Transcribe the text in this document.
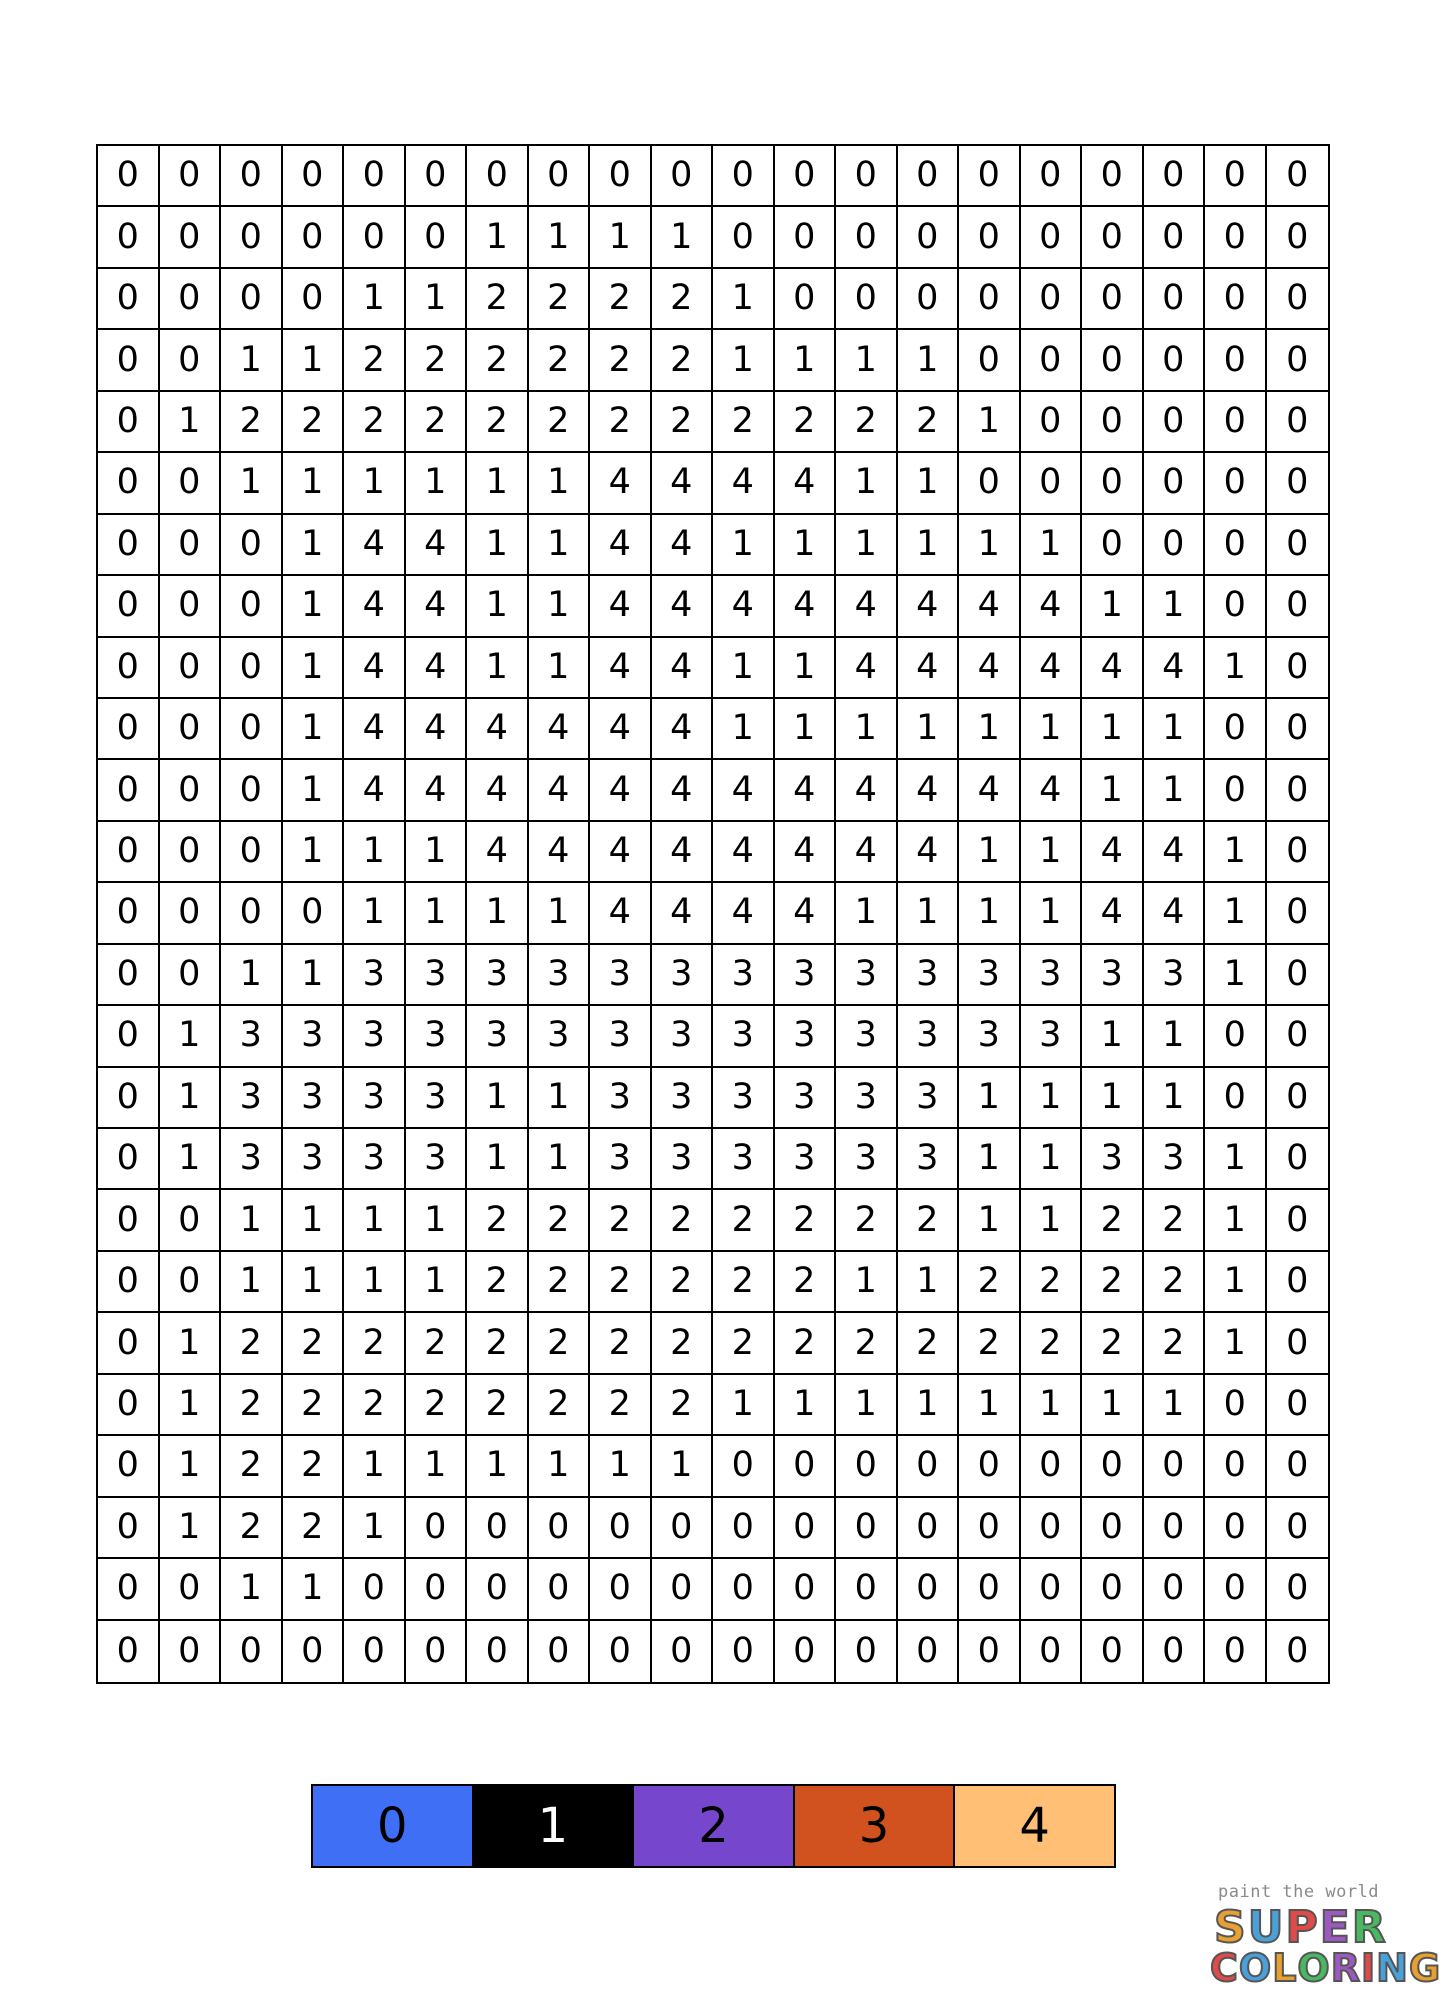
0	0	0	0	0	0	0	0	0	0	0	0	0	0	0	0	0	0	0	0
0	0	0	0	0	0	1	1	1	1	0	0	0	0	0	0	0	0	0	0
0	0	0	0	1	1	2	2	2	2	1	0	0	0	0	0	0	0	0	0
0	0	1	1	2	2	2	2	2	2	1	1	1	1	0	0	0	0	0	0
0	1	2	2	2	2	2	2	2	2	2	2	2	2	1	0	0	0	0	0
0	0	1	1	1	1	1	1	4	4	4	4	1	1	0	0	0	0	0	0
0	0	0	1	4	4	1	1	4	4	1	1	1	1	1	1	0	0	0	0
0	0	0	1	4	4	1	1	4	4	4	4	4	4	4	4	1	1	0	0
0	0	0	1	4	4	1	1	4	4	1	1	4	4	4	4	4	4	1	0
0	0	0	1	4	4	4	4	4	4	1	1	1	1	1	1	1	1	0	0
0	0	0	1	4	4	4	4	4	4	4	4	4	4	4	4	1	1	0	0
0	0	0	1	1	1	4	4	4	4	4	4	4	4	1	1	4	4	1	0
0	0	0	0	1	1	1	1	4	4	4	4	1	1	1	1	4	4	1	0
0	0	1	1	3	3	3	3	3	3	3	3	3	3	3	3	3	3	1	0
0	1	3	3	3	3	3	3	3	3	3	3	3	3	3	3	1	1	0	0
0	1	3	3	3	3	1	1	3	3	3	3	3	3	1	1	1	1	0	0
0	1	3	3	3	3	1	1	3	3	3	3	3	3	1	1	3	3	1	0
0	0	1	1	1	1	2	2	2	2	2	2	2	2	1	1	2	2	1	0
0	0	1	1	1	1	2	2	2	2	2	2	1	1	2	2	2	2	1	0
0	1	2	2	2	2	2	2	2	2	2	2	2	2	2	2	2	2	1	0
0	1	2	2	2	2	2	2	2	2	1	1	1	1	1	1	1	1	0	0
0	1	2	2	1	1	1	1	1	1	0	0	0	0	0	0	0	0	0	0
0	1	2	2	1	0	0	0	0	0	0	0	0	0	0	0	0	0	0	0
0	0	1	1	0	0	0	0	0	0	0	0	0	0	0	0	0	0	0	0
0	0	0	0	0	0	0	0	0	0	0	0	0	0	0	0	0	0	0	0
0	1	2	3	4
paint the world
SUPER
COLORING
